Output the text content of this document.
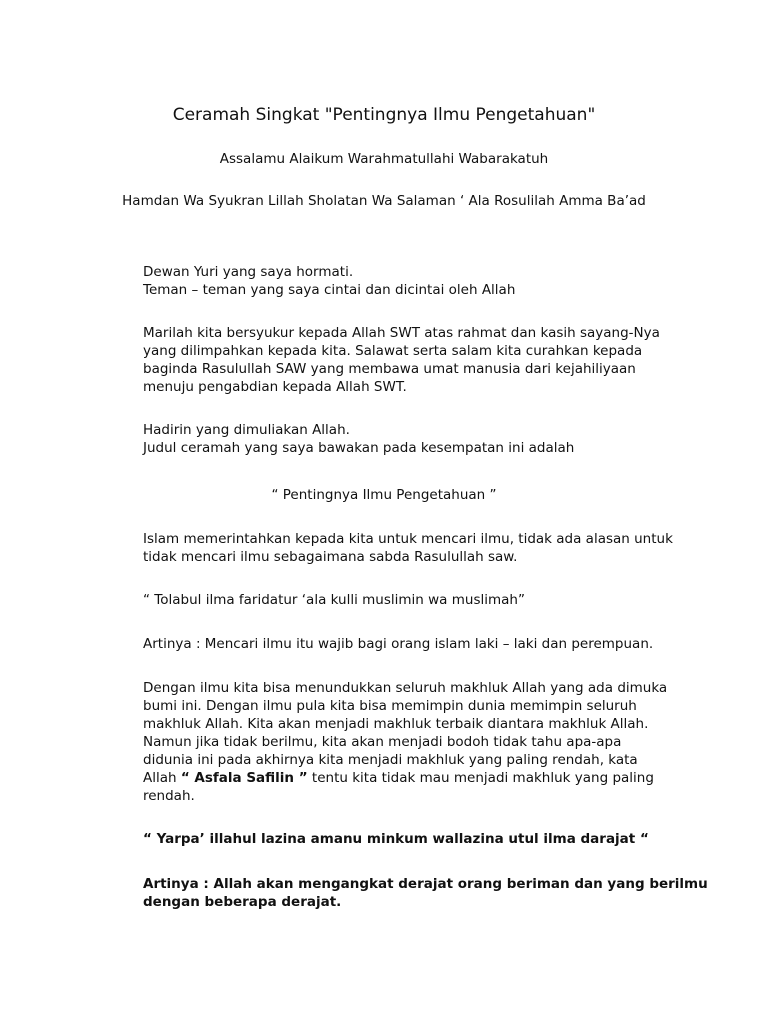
Ceramah Singkat "Pentingnya Ilmu Pengetahuan"
Assalamu Alaikum Warahmatullahi Wabarakatuh
Hamdan Wa Syukran Lillah Sholatan Wa Salaman ‘ Ala Rosulilah Amma Ba’ad
Dewan Yuri yang saya hormati.
Teman – teman yang saya cintai dan dicintai oleh Allah
Marilah kita bersyukur kepada Allah SWT atas rahmat dan kasih sayang-Nya
yang dilimpahkan kepada kita. Salawat serta salam kita curahkan kepada
baginda Rasulullah SAW yang membawa umat manusia dari kejahiliyaan
menuju pengabdian kepada Allah SWT.
Hadirin yang dimuliakan Allah.
Judul ceramah yang saya bawakan pada kesempatan ini adalah
“ Pentingnya Ilmu Pengetahuan ”
Islam memerintahkan kepada kita untuk mencari ilmu, tidak ada alasan untuk
tidak mencari ilmu sebagaimana sabda Rasulullah saw.
“ Tolabul ilma faridatur ‘ala kulli muslimin wa muslimah”
Artinya : Mencari ilmu itu wajib bagi orang islam laki – laki dan perempuan.
Dengan ilmu kita bisa menundukkan seluruh makhluk Allah yang ada dimuka
bumi ini. Dengan ilmu pula kita bisa memimpin dunia memimpin seluruh
makhluk Allah. Kita akan menjadi makhluk terbaik diantara makhluk Allah.
Namun jika tidak berilmu, kita akan menjadi bodoh tidak tahu apa-apa
didunia ini pada akhirnya kita menjadi makhluk yang paling rendah, kata
Allah “ Asfala Safilin ” tentu kita tidak mau menjadi makhluk yang paling
rendah.
“ Yarpa’ illahul lazina amanu minkum wallazina utul ilma darajat “
Artinya : Allah akan mengangkat derajat orang beriman dan yang berilmu
dengan beberapa derajat.
